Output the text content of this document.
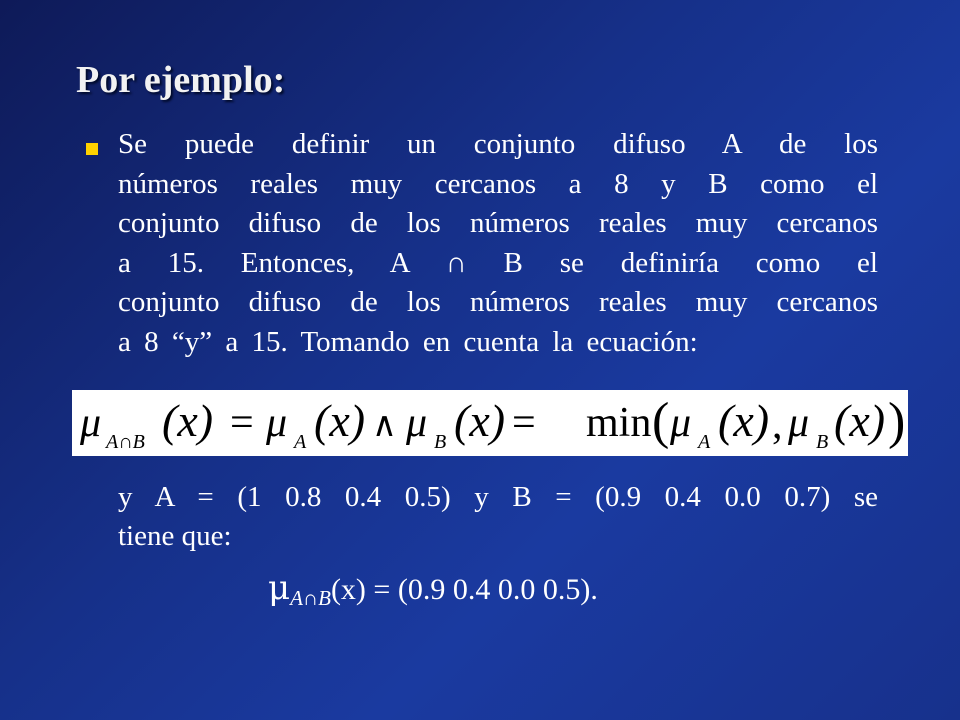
Por ejemplo:
Se puede definir un conjunto difuso A de los
números reales muy cercanos a 8 y B como el
conjunto difuso de los números reales muy cercanos
a 15. Entonces, A ∩ B se definiría como el
conjunto difuso de los números reales muy cercanos
a 8 “y” a 15. Tomando en cuenta la ecuación:
μ A∩B (x) = μ A (x) ∧ μ B (x) = min ( μ A (x) , μ B (x) )
y A = (1 0.8 0.4 0.5) y B = (0.9 0.4 0.0 0.7) se
tiene que:
$\mu_{A\cap B}(x) = (0.9$ 0.4 0.0 0.5).
